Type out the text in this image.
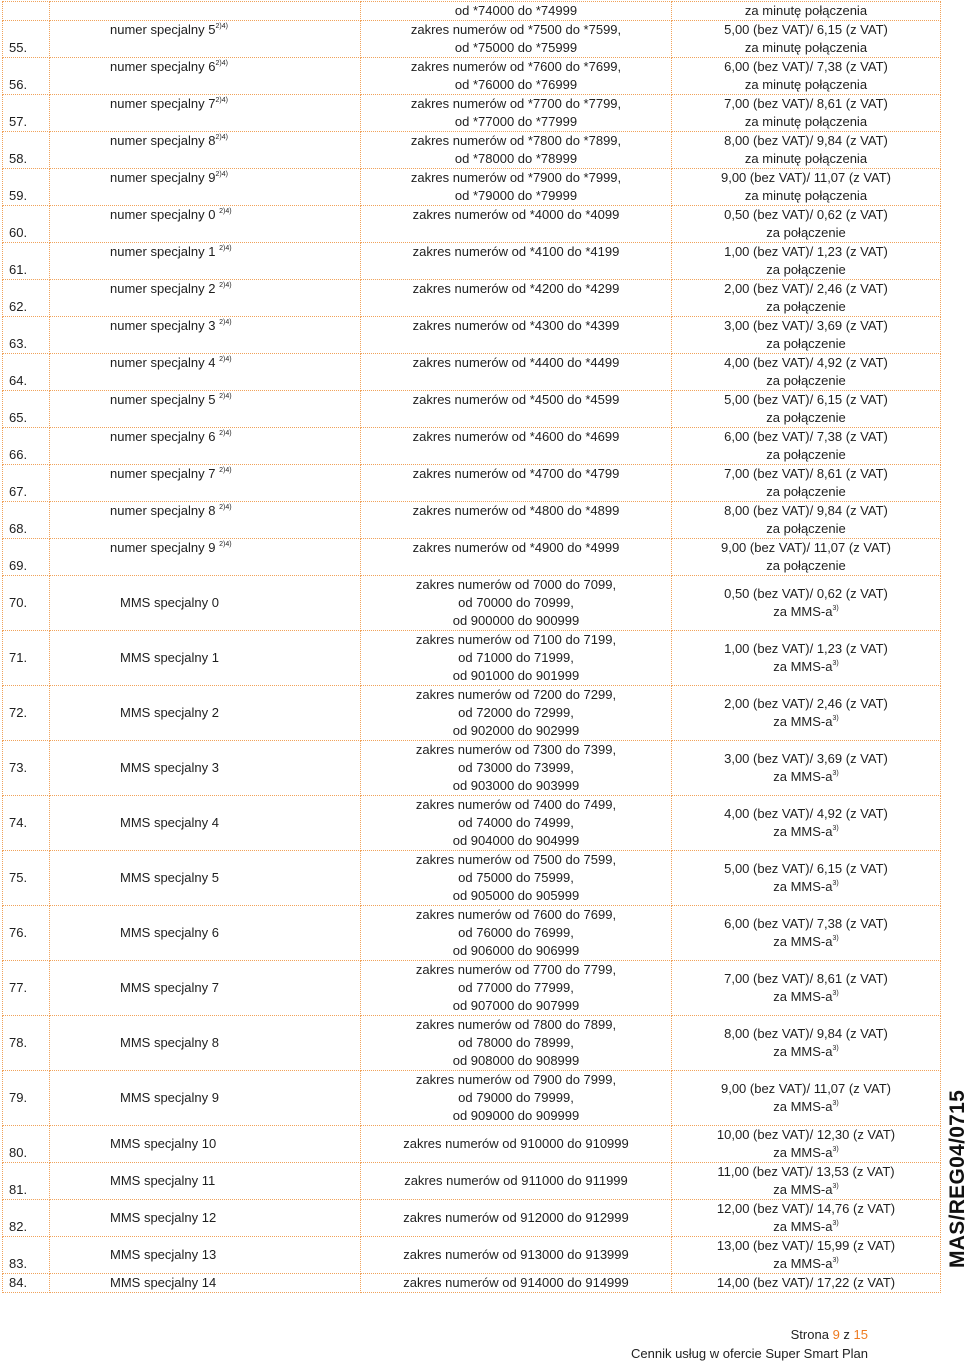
		od *74000 do *74999	za minutę połączenia
55.	numer specjalny $5^{2)4)}$	zakres numerów od *7500 do *7599,
od *75000 do *75999	5,00 (bez VAT)/ 6,15 (z VAT)
za minutę połączenia

56.	numer specjalny $6^{2)4)}$	zakres numerów od *7600 do *7699,
od *76000 do *76999	6,00 (bez VAT)/ 7,38 (z VAT)
za minutę połączenia

57.	numer specjalny $7^{2)4)}$	zakres numerów od *7700 do *7799,
od *77000 do *77999	7,00 (bez VAT)/ 8,61 (z VAT)
za minutę połączenia

58.	numer specjalny $8^{2)4)}$	zakres numerów od *7800 do *7899,
od *78000 do *78999	8,00 (bez VAT)/ 9,84 (z VAT)
za minutę połączenia

59.	numer specjalny $9^{2)4)}$	zakres numerów od *7900 do *7999,
od *79000 do *79999	9,00 (bez VAT)/ 11,07 (z VAT)
za minutę połączenia

60.	numer specjalny 0 $^{2)4)}$	zakres numerów od *4000 do *4099	0,50 (bez VAT)/ 0,62 (z VAT)
za połączenie

61.	numer specjalny 1 $^{2)4)}$	zakres numerów od *4100 do *4199	1,00 (bez VAT)/ 1,23 (z VAT)
za połączenie

62.	numer specjalny 2 $^{2)4)}$	zakres numerów od *4200 do *4299	2,00 (bez VAT)/ 2,46 (z VAT)
za połączenie

63.	numer specjalny 3 $^{2)4)}$	zakres numerów od *4300 do *4399	3,00 (bez VAT)/ 3,69 (z VAT)
za połączenie

64.	numer specjalny 4 $^{2)4)}$	zakres numerów od *4400 do *4499	4,00 (bez VAT)/ 4,92 (z VAT)
za połączenie

65.	numer specjalny 5 $^{2)4)}$	zakres numerów od *4500 do *4599	5,00 (bez VAT)/ 6,15 (z VAT)
za połączenie

66.	numer specjalny 6 $^{2)4)}$	zakres numerów od *4600 do *4699	6,00 (bez VAT)/ 7,38 (z VAT)
za połączenie

67.	numer specjalny 7 $^{2)4)}$	zakres numerów od *4700 do *4799	7,00 (bez VAT)/ 8,61 (z VAT)
za połączenie

68.	numer specjalny 8 $^{2)4)}$	zakres numerów od *4800 do *4899	8,00 (bez VAT)/ 9,84 (z VAT)
za połączenie

69.	numer specjalny 9 $^{2)4)}$	zakres numerów od *4900 do *4999	9,00 (bez VAT)/ 11,07 (z VAT)
za połączenie

70.	MMS specjalny 0	zakres numerów od 7000 do 7099,
od 70000 do 70999,
od 900000 do 900999	0,50 (bez VAT)/ 0,62 (z VAT)
za MMS-$a^{3)}$

71.	MMS specjalny 1	zakres numerów od 7100 do 7199,
od 71000 do 71999,
od 901000 do 901999	1,00 (bez VAT)/ 1,23 (z VAT)
za MMS-$a^{3)}$

72.	MMS specjalny 2	zakres numerów od 7200 do 7299,
od 72000 do 72999,
od 902000 do 902999	2,00 (bez VAT)/ 2,46 (z VAT)
za MMS-$a^{3)}$

73.	MMS specjalny 3	zakres numerów od 7300 do 7399,
od 73000 do 73999,
od 903000 do 903999	3,00 (bez VAT)/ 3,69 (z VAT)
za MMS-$a^{3)}$

74.	MMS specjalny 4	zakres numerów od 7400 do 7499,
od 74000 do 74999,
od 904000 do 904999	4,00 (bez VAT)/ 4,92 (z VAT)
za MMS-$a^{3)}$

75.	MMS specjalny 5	zakres numerów od 7500 do 7599,
od 75000 do 75999,
od 905000 do 905999	5,00 (bez VAT)/ 6,15 (z VAT)
za MMS-$a^{3)}$

76.	MMS specjalny 6	zakres numerów od 7600 do 7699,
od 76000 do 76999,
od 906000 do 906999	6,00 (bez VAT)/ 7,38 (z VAT)
za MMS-$a^{3)}$

77.	MMS specjalny 7	zakres numerów od 7700 do 7799,
od 77000 do 77999,
od 907000 do 907999	7,00 (bez VAT)/ 8,61 (z VAT)
za MMS-$a^{3)}$

78.	MMS specjalny 8	zakres numerów od 7800 do 7899,
od 78000 do 78999,
od 908000 do 908999	8,00 (bez VAT)/ 9,84 (z VAT)
za MMS-$a^{3)}$

79.	MMS specjalny 9	zakres numerów od 7900 do 7999,
od 79000 do 79999,
od 909000 do 909999	9,00 (bez VAT)/ 11,07 (z VAT)
za MMS-$a^{3)}$

80.	MMS specjalny 10	zakres numerów od 910000 do 910999	10,00 (bez VAT)/ 12,30 (z VAT)
za MMS-$a^{3)}$

81.	MMS specjalny 11	zakres numerów od 911000 do 911999	11,00 (bez VAT)/ 13,53 (z VAT)
za MMS-$a^{3)}$

82.	MMS specjalny 12	zakres numerów od 912000 do 912999	12,00 (bez VAT)/ 14,76 (z VAT)
za MMS-$a^{3)}$

83.	MMS specjalny 13	zakres numerów od 913000 do 913999	13,00 (bez VAT)/ 15,99 (z VAT)
za MMS-$a^{3)}$

84.	MMS specjalny 14	zakres numerów od 914000 do 914999	14,00 (bez VAT)/ 17,22 (z VAT)
MAS/REG04/0715
Strona 9 z 15
Cennik usług w ofercie Super Smart Plan
